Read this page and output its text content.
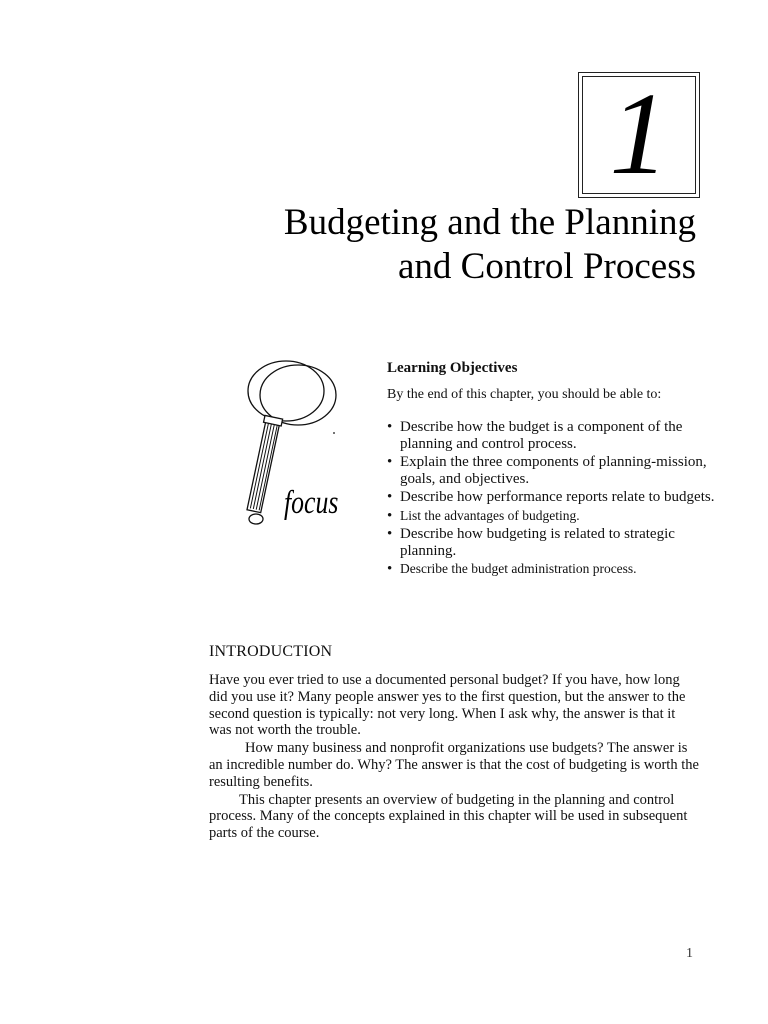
1
Budgeting and the Planning
and Control Process
focus
Learning Objectives
By the end of this chapter, you should be able to:
• Describe how the budget is a component of the planning and control process.
• Explain the three components of planning-mission, goals, and objectives.
• Describe how performance reports relate to budgets.
• List the advantages of budgeting.
• Describe how budgeting is related to strategic planning.
• Describe the budget administration process.
INTRODUCTION

Have you ever tried to use a documented personal budget? If you have, how long did you use it? Many people answer yes to the first question, but the answer to the second question is typically: not very long. When I ask why, the answer is that it was not worth the trouble.

How many business and nonprofit organizations use budgets? The answer is an incredible number do. Why? The answer is that the cost of budgeting is worth the resulting benefits.

This chapter presents an overview of budgeting in the planning and control process. Many of the concepts explained in this chapter will be used in subsequent parts of the course.

1
